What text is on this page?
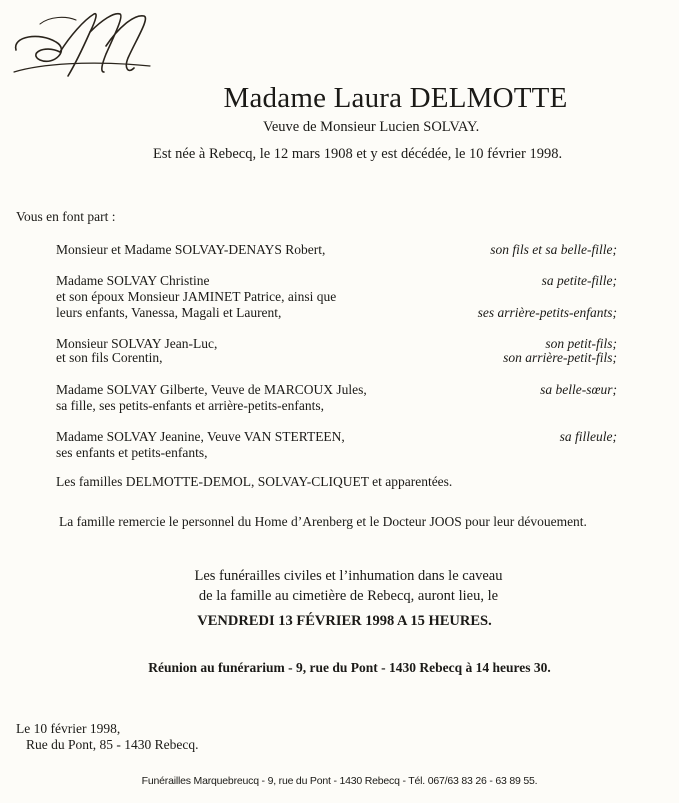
Madame Laura DELMOTTE
Veuve de Monsieur Lucien SOLVAY.
Est née à Rebecq, le 12 mars 1908 et y est décédée, le 10 février 1998.
Vous en font part :
Monsieur et Madame SOLVAY-DENAYS Robert,	son fils et sa belle-fille;
Madame SOLVAY Christine	sa petite-fille;
et son époux Monsieur JAMINET Patrice, ainsi que
leurs enfants, Vanessa, Magali et Laurent,	ses arrière-petits-enfants;
Monsieur SOLVAY Jean-Luc,	son petit-fils;
et son fils Corentin,	son arrière-petit-fils;
Madame SOLVAY Gilberte, Veuve de MARCOUX Jules,	sa belle-sœur;
sa fille, ses petits-enfants et arrière-petits-enfants,
Madame SOLVAY Jeanine, Veuve VAN STERTEEN,	sa filleule;
ses enfants et petits-enfants,
Les familles DELMOTTE-DEMOL, SOLVAY-CLIQUET et apparentées.
La famille remercie le personnel du Home d’Arenberg et le Docteur JOOS pour leur dévouement.
Les funérailles civiles et l’inhumation dans le caveau
de la famille au cimetière de Rebecq, auront lieu, le
VENDREDI 13 FÉVRIER 1998 A 15 HEURES.
Réunion au funérarium - 9, rue du Pont - 1430 Rebecq à 14 heures 30.
Le 10 février 1998,
Rue du Pont, 85 - 1430 Rebecq.
Funérailles Marquebreucq - 9, rue du Pont - 1430 Rebecq - Tél. 067/63 83 26 - 63 89 55.
